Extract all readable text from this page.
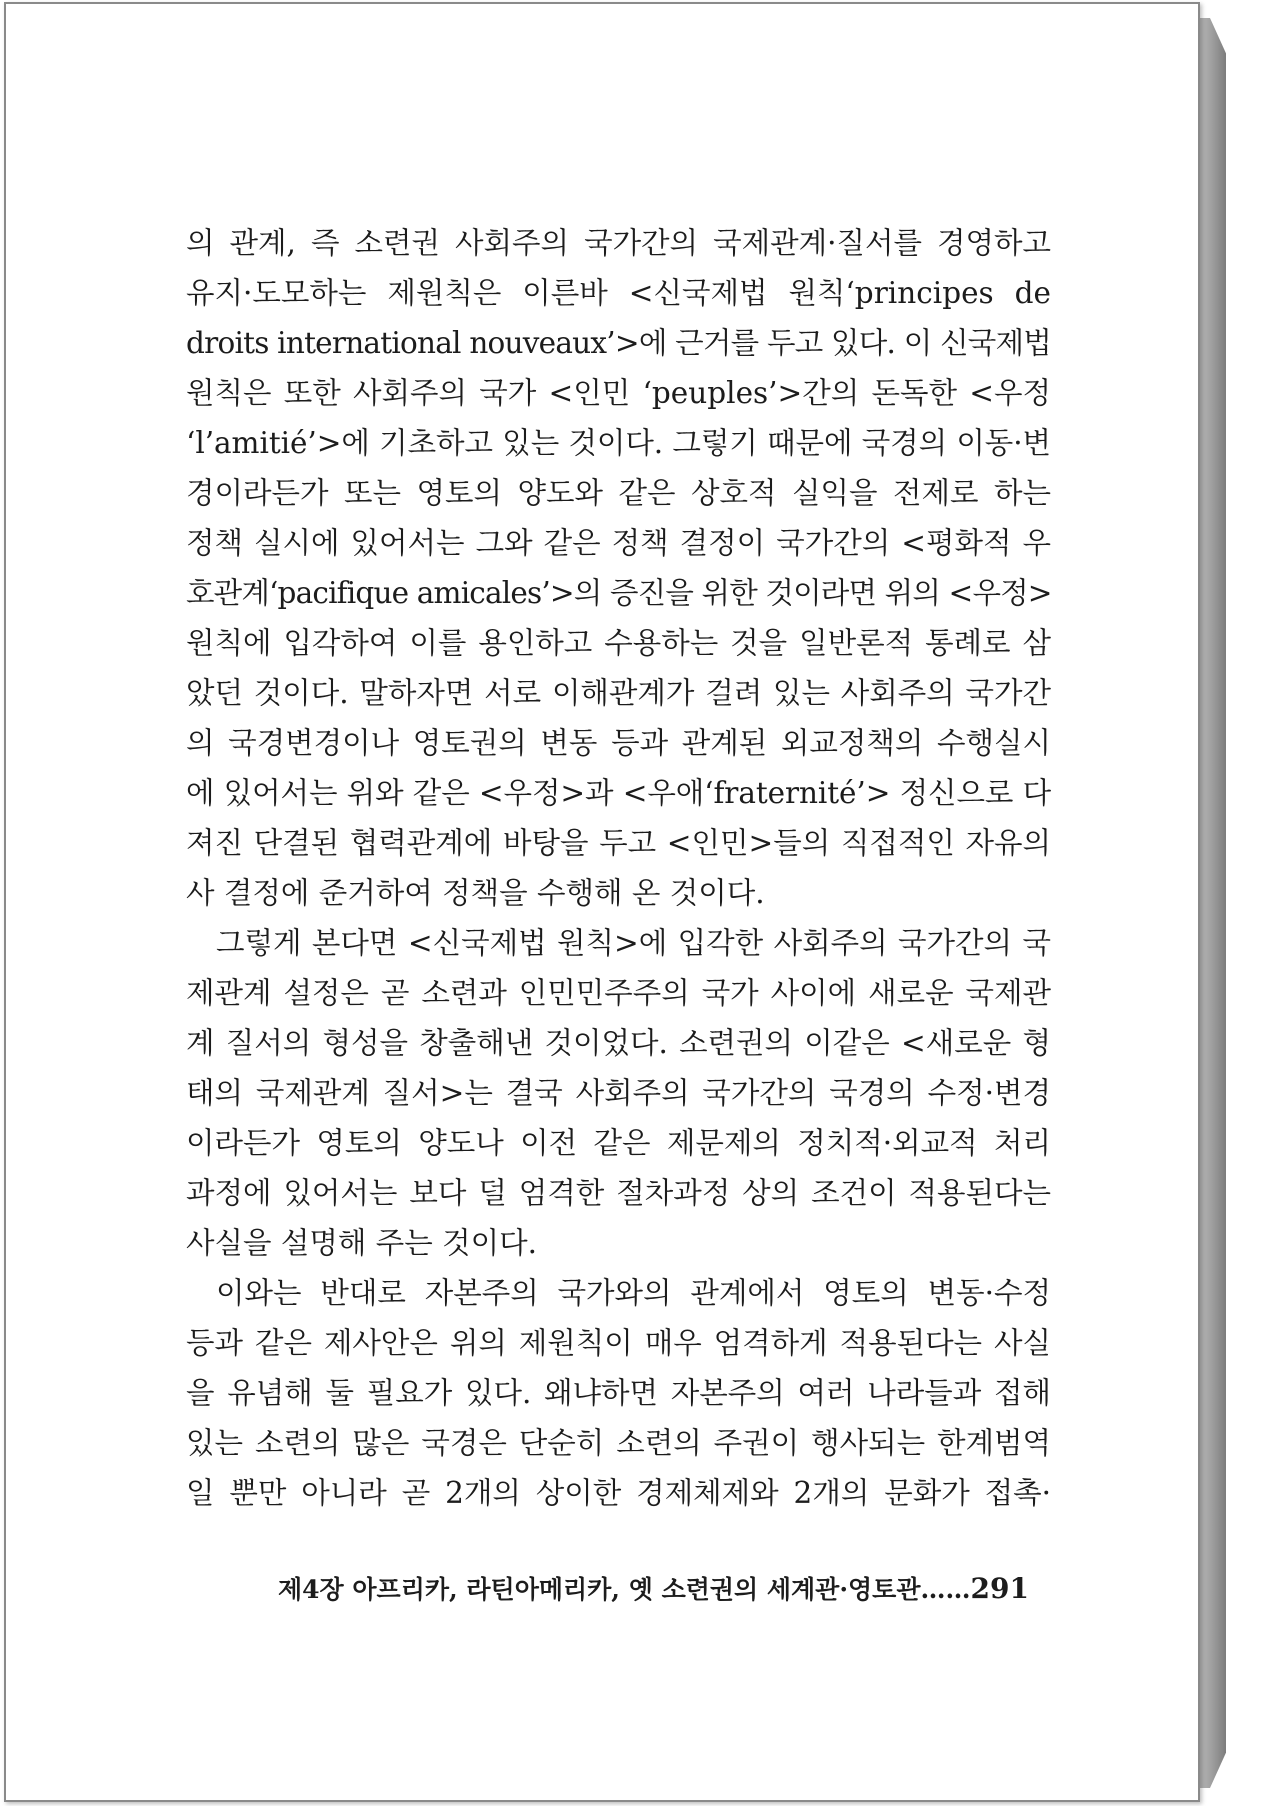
의 관계, 즉 소련권 사회주의 국가간의 국제관계·질서를 경영하고
유지·도모하는 제원칙은 이른바 <신국제법 원칙‘principes de
droits international nouveaux’>에 근거를 두고 있다. 이 신국제법
원칙은 또한 사회주의 국가 <인민 ‘peuples’>간의 돈독한 <우정
‘l’amitié’>에 기초하고 있는 것이다. 그렇기 때문에 국경의 이동·변
경이라든가 또는 영토의 양도와 같은 상호적 실익을 전제로 하는
정책 실시에 있어서는 그와 같은 정책 결정이 국가간의 <평화적 우
호관계‘pacifique amicales’>의 증진을 위한 것이라면 위의 <우정>
원칙에 입각하여 이를 용인하고 수용하는 것을 일반론적 통례로 삼
았던 것이다. 말하자면 서로 이해관계가 걸려 있는 사회주의 국가간
의 국경변경이나 영토권의 변동 등과 관계된 외교정책의 수행실시
에 있어서는 위와 같은 <우정>과 <우애‘fraternité’> 정신으로 다
져진 단결된 협력관계에 바탕을 두고 <인민>들의 직접적인 자유의
사 결정에 준거하여 정책을 수행해 온 것이다.
그렇게 본다면 <신국제법 원칙>에 입각한 사회주의 국가간의 국
제관계 설정은 곧 소련과 인민민주주의 국가 사이에 새로운 국제관
계 질서의 형성을 창출해낸 것이었다. 소련권의 이같은 <새로운 형
태의 국제관계 질서>는 결국 사회주의 국가간의 국경의 수정·변경
이라든가 영토의 양도나 이전 같은 제문제의 정치적·외교적 처리
과정에 있어서는 보다 덜 엄격한 절차과정 상의 조건이 적용된다는
사실을 설명해 주는 것이다.
이와는 반대로 자본주의 국가와의 관계에서 영토의 변동·수정
등과 같은 제사안은 위의 제원칙이 매우 엄격하게 적용된다는 사실
을 유념해 둘 필요가 있다. 왜냐하면 자본주의 여러 나라들과 접해
있는 소련의 많은 국경은 단순히 소련의 주권이 행사되는 한계범역
일 뿐만 아니라 곧 2개의 상이한 경제체제와 2개의 문화가 접촉·
제4장 아프리카, 라틴아메리카, 옛 소련권의 세계관·영토관…… 291
